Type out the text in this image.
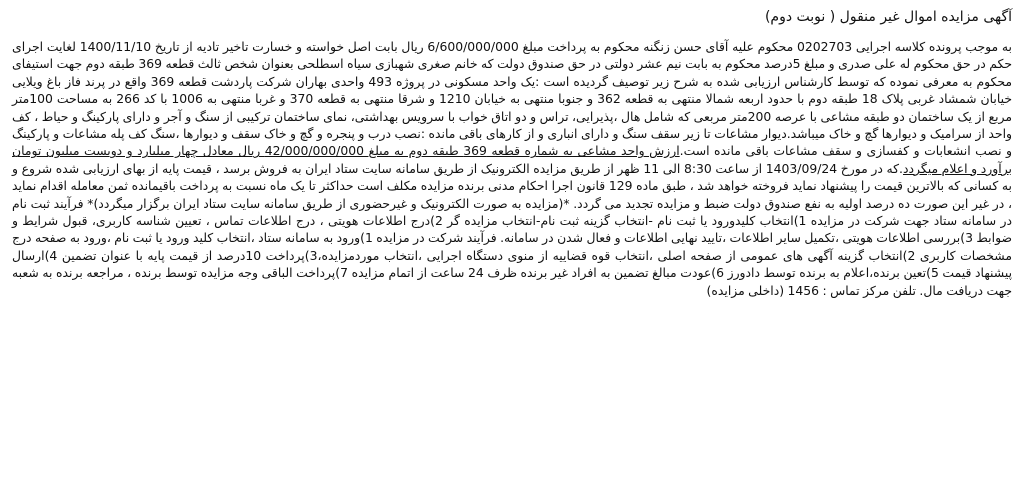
آگهی مزایده اموال غیر منقول ( نوبت دوم)

به موجب پرونده کلاسه اجرایی 0202703 محکوم علیه آقای حسن زنگنه محکوم به پرداخت مبلغ 6/600/000/000 ریال بابت اصل خواسته و خسارت تاخیر تادیه از تاریخ 1400/11/10 لغایت اجرای حکم در حق محکوم له علی صدری و مبلغ 5درصد محکوم به بابت نیم عشر دولتی در حق صندوق دولت که خانم صغری شهبازی سیاه اسطلحی بعنوان شخص ثالث قطعه 369 طبقه دوم جهت استیفای محکوم به معرفی نموده که توسط کارشناس ارزیابی شده به شرح زیر توصیف گردیده است :یک واحد مسکونی در پروژه 493 واحدی بهاران شرکت پاردشت قطعه 369 واقع در پرند فاز باغ ویلایی خیابان شمشاد غربی پلاک 18 طبقه دوم با حدود اربعه شمالا منتهی به قطعه 362 و جنوبا منتهی به خیابان 1210 و شرقا منتهی به قطعه 370 و غربا منتهی به 1006 با کد 266 به مساحت 100متر مربع از یک ساختمان دو طبقه مشاعی با عرصه 200متر مربعی که شامل هال ،پذیرایی، تراس و دو اتاق خواب با سرویس بهداشتی، نمای ساختمان ترکیبی از سنگ و آجر و دارای پارکینگ و حیاط ، کف واحد از سرامیک و دیوارها گچ و خاک میباشد.دیوار مشاعات تا زیر سقف سنگ و دارای انباری و از کارهای باقی مانده :نصب درب و پنجره و گچ و خاک سقف و دیوارها ،سنگ کف پله مشاعات و پارکینگ و نصب انشعابات و کفسازی و سقف مشاعات باقی مانده است.ارزش واحد مشاعی به شماره قطعه 369 طبقه دوم به مبلغ 42/000/000/000 ریال معادل چهار میلیارد و دویست میلیون تومان برآورد و اعلام میگردد.که در مورخ 1403/09/24 از ساعت 8:30 الی 11 ظهر از طریق مزایده الکترونیک از طریق سامانه سایت ستاد ایران به فروش برسد ، قیمت پایه از بهای ارزیابی شده شروع و به کسانی که بالاترین قیمت را پیشنهاد نماید فروخته خواهد شد ، طبق ماده 129 قانون اجرا احکام مدنی برنده مزایده مکلف است حداکثر تا یک ماه نسبت به پرداخت باقیمانده ثمن معامله اقدام نماید ، در غیر این صورت ده درصد اولیه به نفع صندوق دولت ضبط و مزایده تجدید می گردد. *(مزایده به صورت الکترونیک و غیرحضوری از طریق سامانه سایت ستاد ایران برگزار میگردد)* فرآیند ثبت نام در سامانه ستاد جهت شرکت در مزایده 1)انتخاب کلیدورود یا ثبت نام -انتخاب گزینه ثبت نام-انتخاب مزایده گر 2)درج اطلاعات هویتی ، درج اطلاعات تماس ، تعیین شناسه کاربری، قبول شرایط و ضوابط 3)بررسی اطلاعات هویتی ،تکمیل سایر اطلاعات ،تایید نهایی اطلاعات و فعال شدن در سامانه. فرآیند شرکت در مزایده 1)ورود به سامانه ستاد ،انتخاب کلید ورود یا ثبت نام ،ورود به صفحه درج مشخصات کاربری 2)انتخاب گزینه آگهی های عمومی از صفحه اصلی ،انتخاب قوه قضاییه از منوی دستگاه اجرایی ،انتخاب موردمزایده،3)پرداخت 10درصد از قیمت پایه با عنوان تضمین 4)ارسال پیشنهاد قیمت 5)تعین برنده،اعلام به برنده توسط دادورز 6)عودت مبالغ تضمین به افراد غیر برنده ظرف 24 ساعت از اتمام مزایده 7)پرداخت الباقی وجه مزایده توسط برنده ، مراجعه برنده به شعبه جهت دریافت مال. تلفن مرکز تماس : 1456 (داخلی مزایده)
